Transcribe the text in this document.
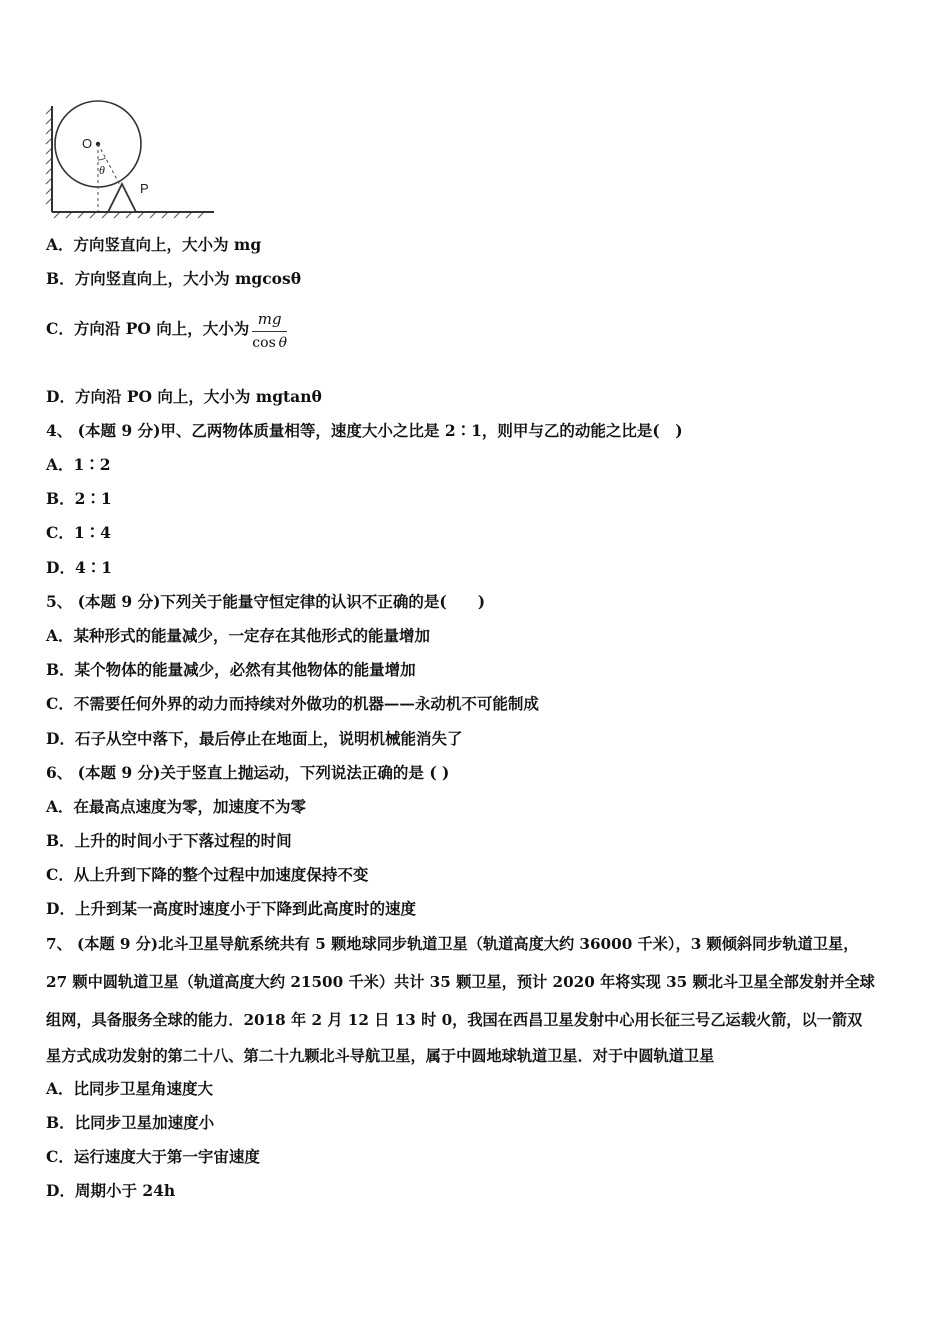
O
θ
P
A．方向竖直向上，大小为 mg
B．方向竖直向上，大小为 mgcosθ
C．方向沿 PO 向上，大小为 $\frac{mg}{\text{cos  θ}}$
D．方向沿 PO 向上，大小为 mgtanθ
4、 (本题 9 分)甲、乙两物体质量相等，速度大小之比是 2∶1，则甲与乙的动能之比是(　)
A．1∶2
B．2∶1
C．1∶4
D．4∶1
5、 (本题 9 分)下列关于能量守恒定律的认识不正确的是(　　)
A．某种形式的能量减少，一定存在其他形式的能量增加
B．某个物体的能量减少，必然有其他物体的能量增加
C．不需要任何外界的动力而持续对外做功的机器——永动机不可能制成
D．石子从空中落下，最后停止在地面上，说明机械能消失了
6、 (本题 9 分)关于竖直上抛运动，下列说法正确的是 ( )
A．在最高点速度为零，加速度不为零
B．上升的时间小于下落过程的时间
C．从上升到下降的整个过程中加速度保持不变
D．上升到某一高度时速度小于下降到此高度时的速度
7、 (本题 9 分)北斗卫星导航系统共有 5 颗地球同步轨道卫星（轨道高度大约 36000 千米），3 颗倾斜同步轨道卫星，
27 颗中圆轨道卫星（轨道高度大约 21500 千米）共计 35 颗卫星，预计 2020 年将实现 35 颗北斗卫星全部发射并全球
组网，具备服务全球的能力．2018 年 2 月 12 日 13 时 0，我国在西昌卫星发射中心用长征三号乙运载火箭，以一箭双
星方式成功发射的第二十八、第二十九颗北斗导航卫星，属于中圆地球轨道卫星．对于中圆轨道卫星
A．比同步卫星角速度大
B．比同步卫星加速度小
C．运行速度大于第一宇宙速度
D．周期小于 24h
